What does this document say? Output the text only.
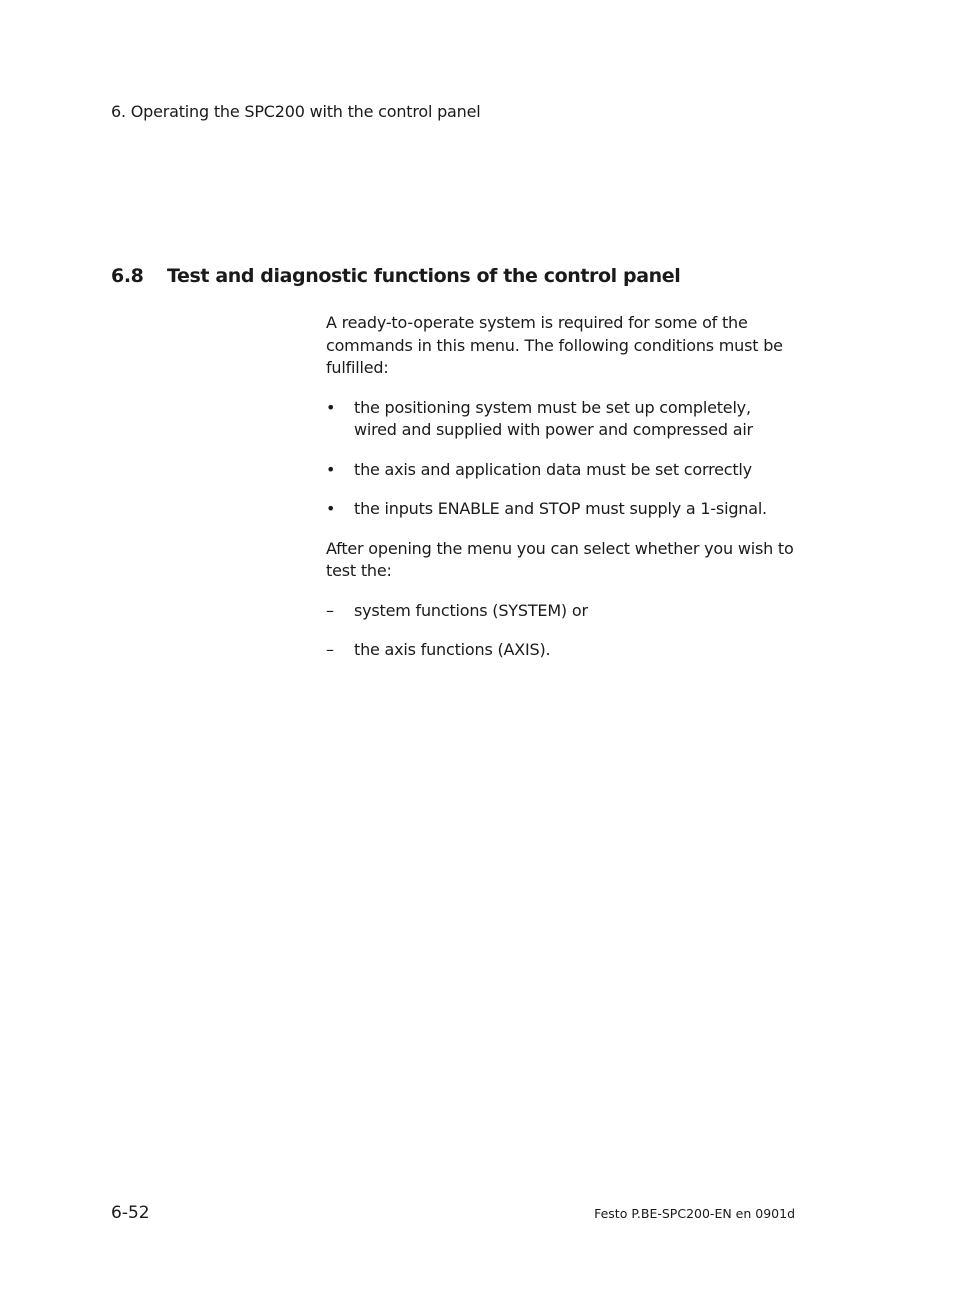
6. Operating the SPC200 with the control panel
6.8 Test and diagnostic functions of the control panel

A ready-to-operate system is required for some of the commands in this menu. The following conditions must be fulfilled:

• the positioning system must be set up completely, wired and supplied with power and compressed air
• the axis and application data must be set correctly
• the inputs ENABLE and STOP must supply a 1-signal.

After opening the menu you can select whether you wish to test the:

– system functions (SYSTEM) or
– the axis functions (AXIS).
6-52	Festo P.BE-SPC200-EN en 0901d
